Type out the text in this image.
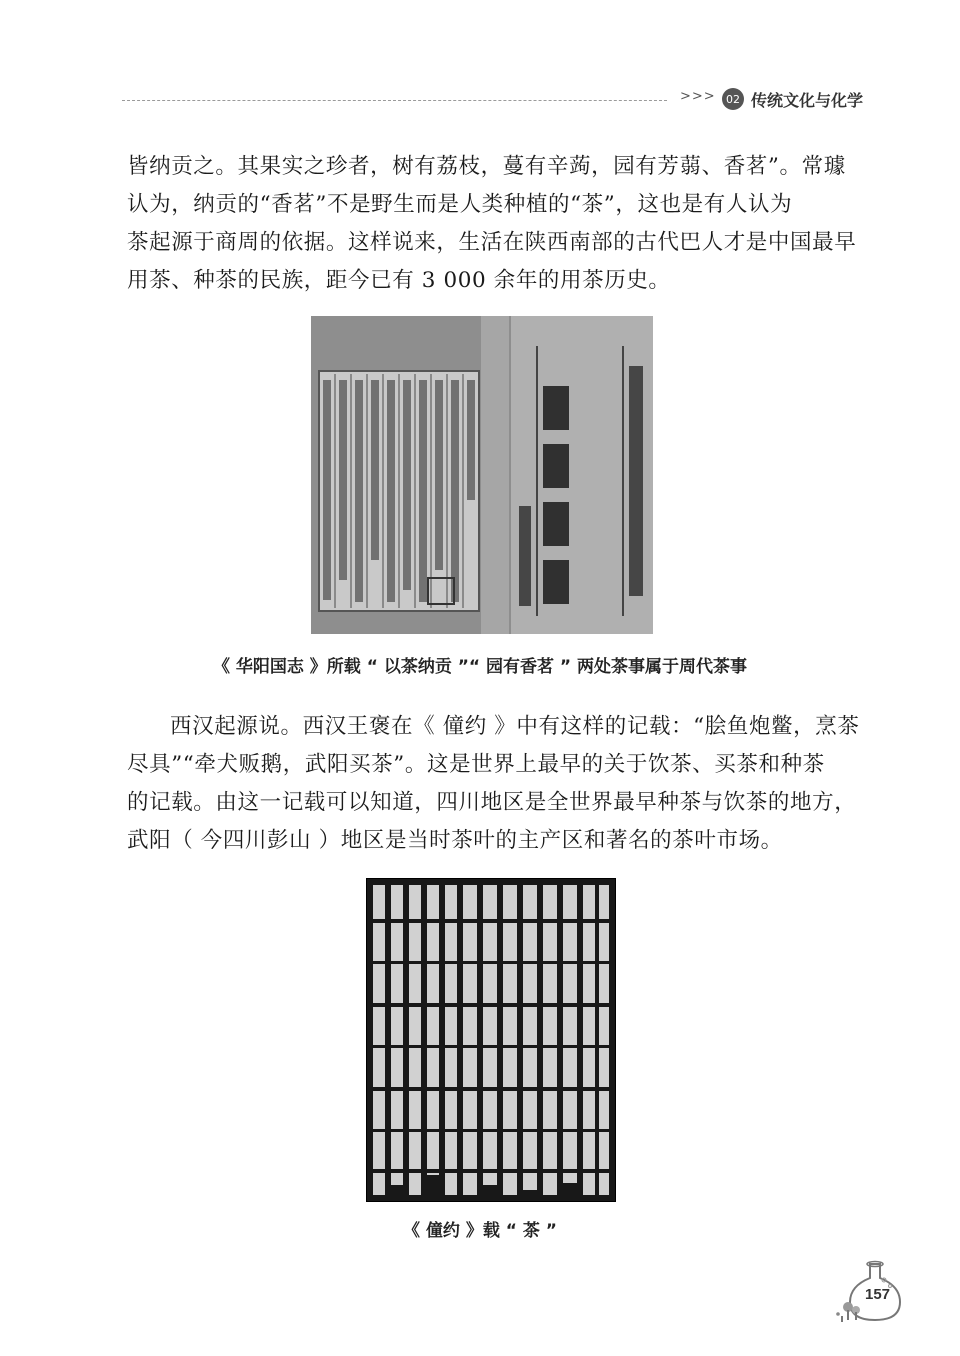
>>> 02 传统文化与化学
皆纳贡之。其果实之珍者，树有荔枝，蔓有辛蒟，园有芳蒻、香茗”。常璩
认为，纳贡的“香茗”不是野生而是人类种植的“茶”，这也是有人认为
茶起源于商周的依据。这样说来，生活在陕西南部的古代巴人才是中国最早
用茶、种茶的民族，距今已有 3 000 余年的用茶历史。
《 华阳国志 》所载 “ 以茶纳贡 ”“ 园有香茗 ” 两处茶事属于周代茶事
西汉起源说。西汉王褒在《 僮约 》中有这样的记载：“脍鱼炮鳖，烹茶
尽具”“牵犬贩鹅，武阳买茶”。这是世界上最早的关于饮茶、买茶和种茶
的记载。由这一记载可以知道，四川地区是全世界最早种茶与饮茶的地方，
武阳（ 今四川彭山 ）地区是当时茶叶的主产区和著名的茶叶市场。
《 僮约 》载 “ 茶 ”
157
